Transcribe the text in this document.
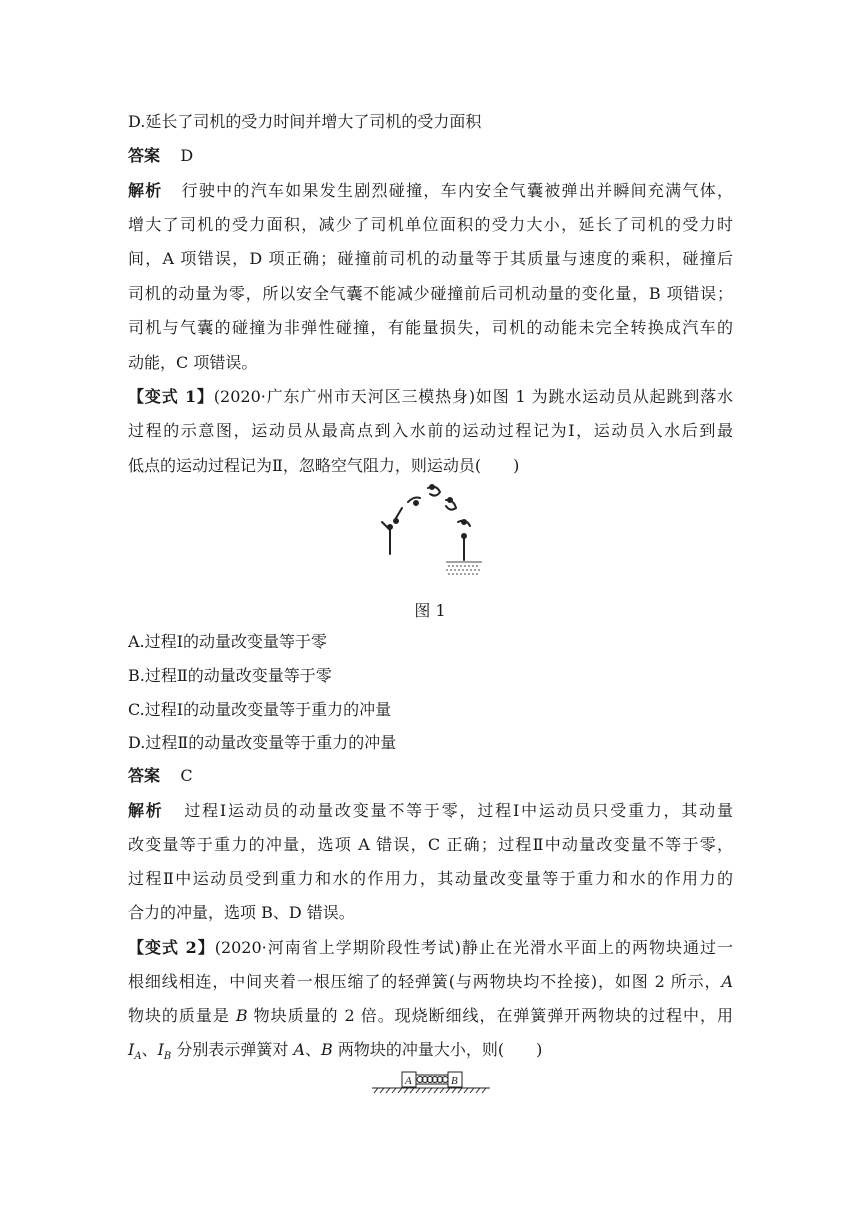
D.延长了司机的受力时间并增大了司机的受力面积
答案 D
解析 行驶中的汽车如果发生剧烈碰撞，车内安全气囊被弹出并瞬间充满气体，
增大了司机的受力面积，减少了司机单位面积的受力大小，延长了司机的受力时
间，A 项错误，D 项正确；碰撞前司机的动量等于其质量与速度的乘积，碰撞后
司机的动量为零，所以安全气囊不能减少碰撞前后司机动量的变化量，B 项错误；
司机与气囊的碰撞为非弹性碰撞，有能量损失，司机的动能未完全转换成汽车的
动能，C 项错误。
【变式 1】(2020·广东广州市天河区三模热身)如图 1 为跳水运动员从起跳到落水
过程的示意图，运动员从最高点到入水前的运动过程记为Ⅰ，运动员入水后到最
低点的运动过程记为Ⅱ，忽略空气阻力，则运动员(　　)
图 1
A.过程Ⅰ的动量改变量等于零
B.过程Ⅱ的动量改变量等于零
C.过程Ⅰ的动量改变量等于重力的冲量
D.过程Ⅱ的动量改变量等于重力的冲量
答案 C
解析 过程Ⅰ运动员的动量改变量不等于零，过程Ⅰ中运动员只受重力，其动量
改变量等于重力的冲量，选项 A 错误，C 正确；过程Ⅱ中动量改变量不等于零，
过程Ⅱ中运动员受到重力和水的作用力，其动量改变量等于重力和水的作用力的
合力的冲量，选项 B、D 错误。
【变式 2】(2020·河南省上学期阶段性考试)静止在光滑水平面上的两物块通过一
根细线相连，中间夹着一根压缩了的轻弹簧(与两物块均不拴接)，如图 2 所示，A
物块的质量是 B 物块质量的 2 倍。现烧断细线，在弹簧弹开两物块的过程中，用
$I_A$、$I_B$ 分别表示弹簧对 A、B 两物块的冲量大小，则(　　)
A	B
